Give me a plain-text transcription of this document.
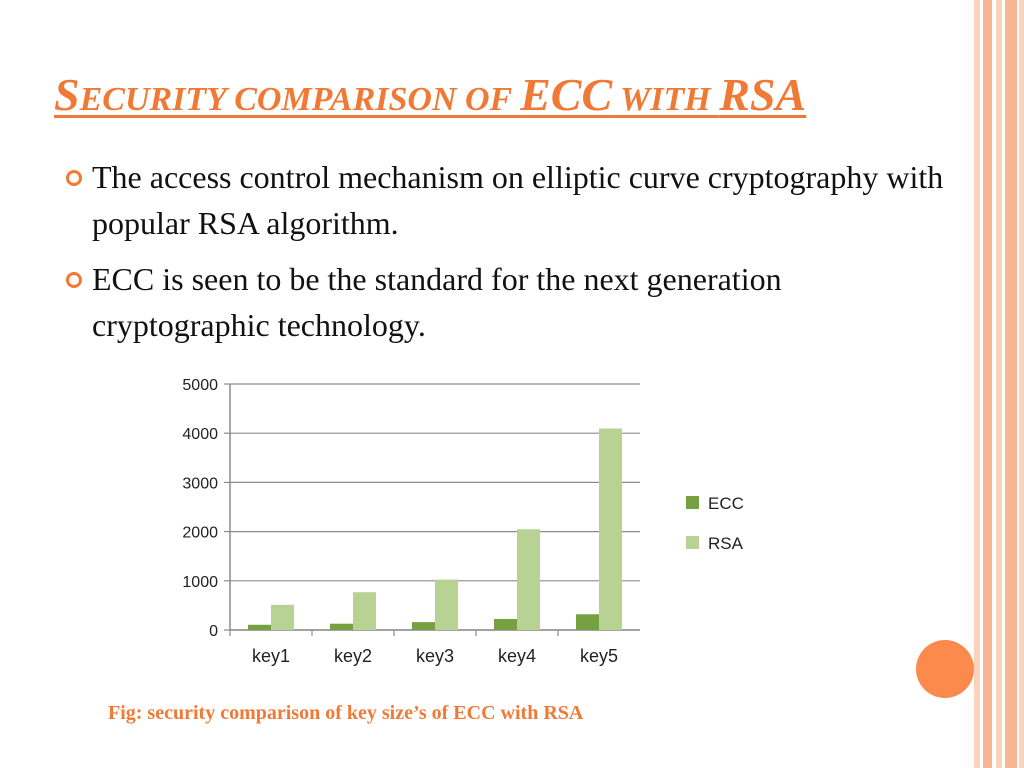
SECURITY COMPARISON OF ECC WITH RSA
The access control mechanism on elliptic curve cryptography with popular RSA algorithm.
ECC is seen to be the standard for the next generation cryptographic technology.
0
1000
2000
3000
4000
5000
key1 key2 key3 key4 key5
ECC
RSA
Fig: security comparison of key size’s of ECC with RSA
